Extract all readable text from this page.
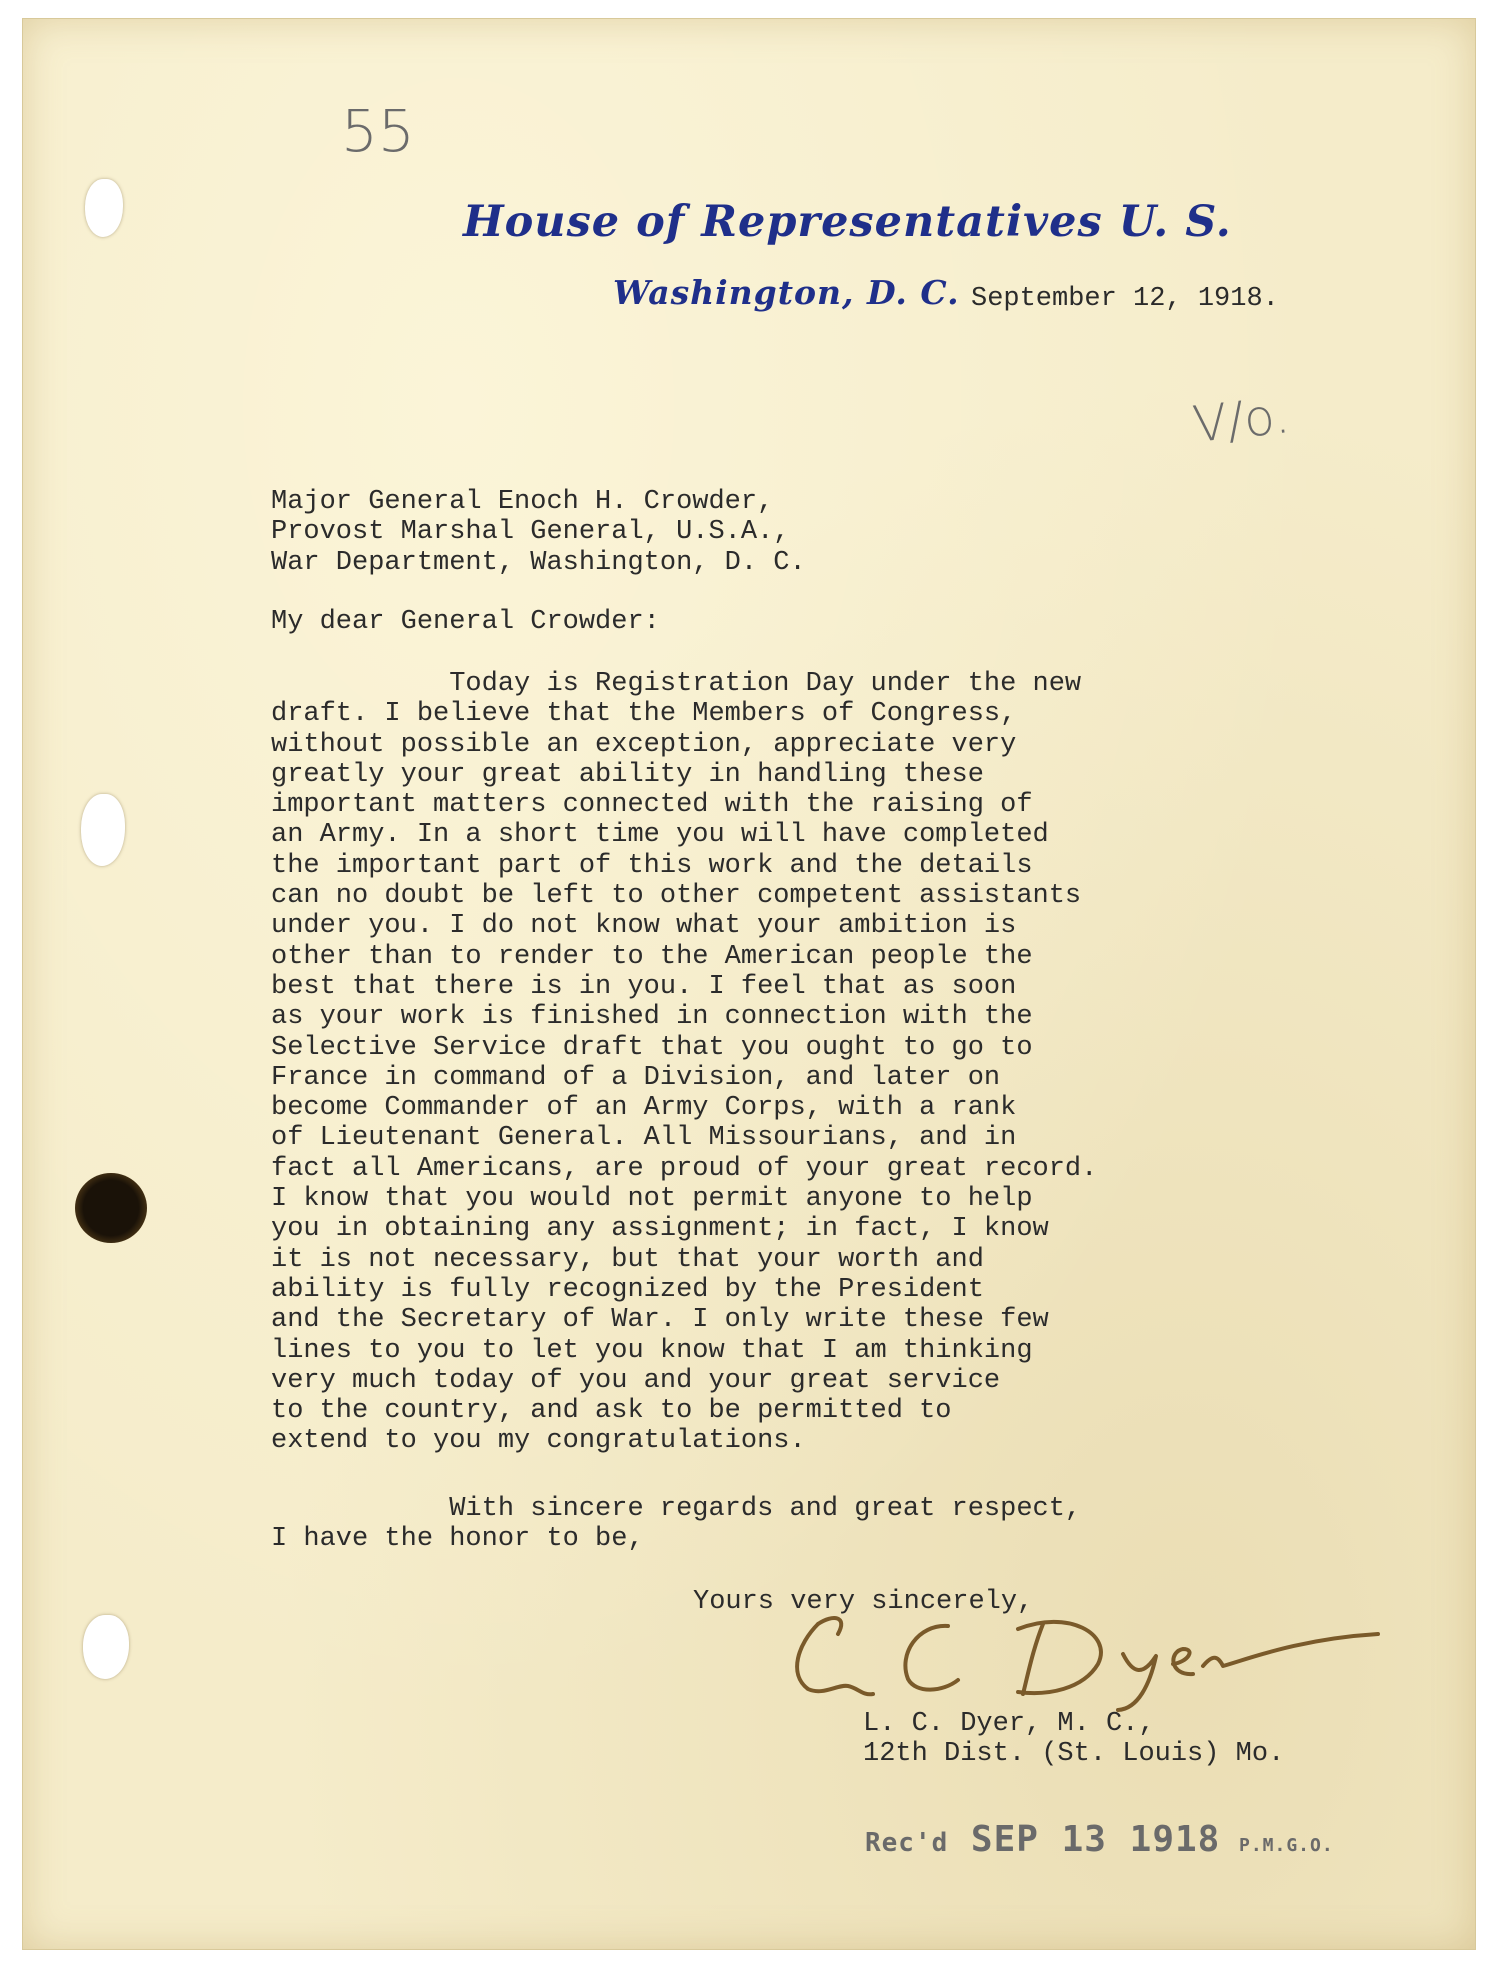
55
House of Representatives U. S.
Washington, D. C. September 12, 1918.
V/o.
Major General Enoch H. Crowder,
Provost Marshal General, U.S.A.,
War Department, Washington, D. C.
My dear General Crowder:
Today is Registration Day under the new
draft. I believe that the Members of Congress,
without possible an exception, appreciate very
greatly your great ability in handling these
important matters connected with the raising of
an Army. In a short time you will have completed
the important part of this work and the details
can no doubt be left to other competent assistants
under you. I do not know what your ambition is
other than to render to the American people the
best that there is in you. I feel that as soon
as your work is finished in connection with the
Selective Service draft that you ought to go to
France in command of a Division, and later on
become Commander of an Army Corps, with a rank
of Lieutenant General. All Missourians, and in
fact all Americans, are proud of your great record.
I know that you would not permit anyone to help
you in obtaining any assignment; in fact, I know
it is not necessary, but that your worth and
ability is fully recognized by the President
and the Secretary of War. I only write these few
lines to you to let you know that I am thinking
very much today of you and your great service
to the country, and ask to be permitted to
extend to you my congratulations.
With sincere regards and great respect,
I have the honor to be,
Yours very sincerely,
L. C. Dyer, M. C.,
12th Dist. (St. Louis) Mo.
Rec'd SEP 13 1918 P.M.G.O.
